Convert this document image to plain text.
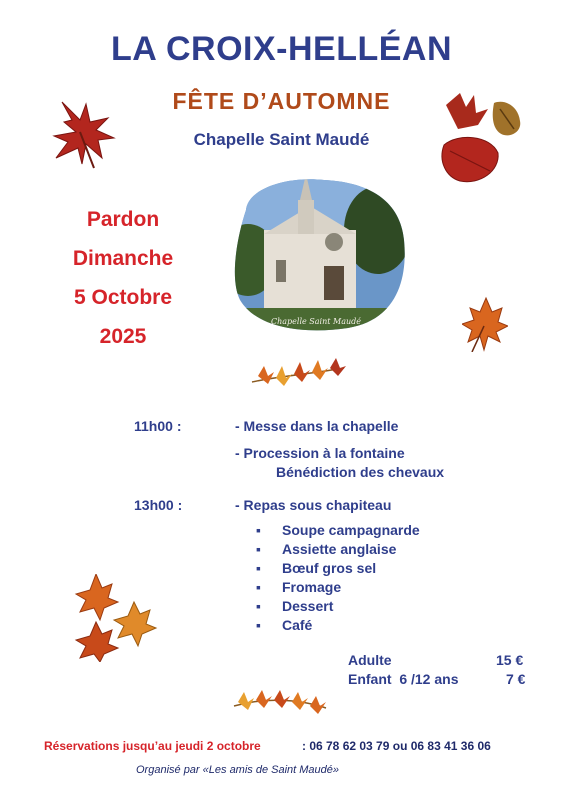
LA CROIX-HELLÉAN
FÊTE D’AUTOMNE
Chapelle Saint Maudé
Pardon
Dimanche
5 Octobre
2025
Chapelle Saint Maudé
11h00 :	- Messe dans la chapelle
- Procession à la fontaine
Bénédiction des chevaux
13h00 :	- Repas sous chapiteau
▪ Soupe campagnarde
▪ Assiette anglaise
▪ Bœuf gros sel
▪ Fromage
▪ Dessert
▪ Café
Adulte	15 €
Enfant  6 /12 ans	7 €
Réservations jusqu’au jeudi 2 octobre	: 06 78 62 03 79 ou 06 83 41 36 06
Organisé par «Les amis de Saint Maudé»
